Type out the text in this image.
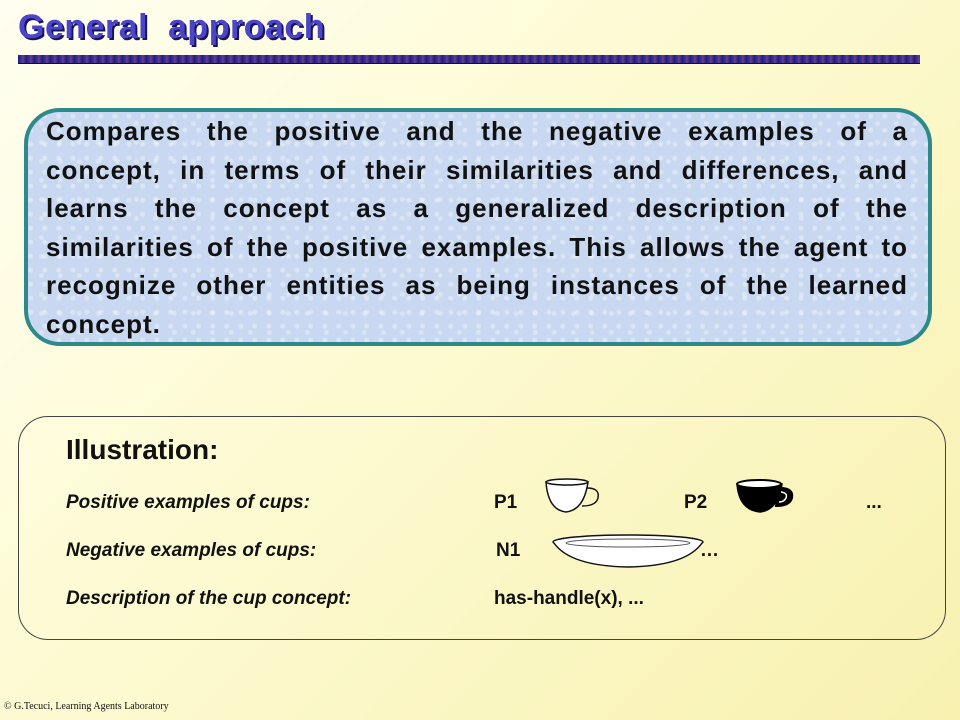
General  approach
Compares the positive and the negative examples of a concept, in terms of their similarities and differences, and learns the concept as a generalized description of the similarities of the positive examples. This allows the agent to recognize other entities as being instances of the learned concept.
Illustration:
Positive examples of cups:	P1	P2	...
Negative examples of cups:	N1	…
Description of the cup concept:	has-handle(x), ...
© G.Tecuci, Learning Agents Laboratory
